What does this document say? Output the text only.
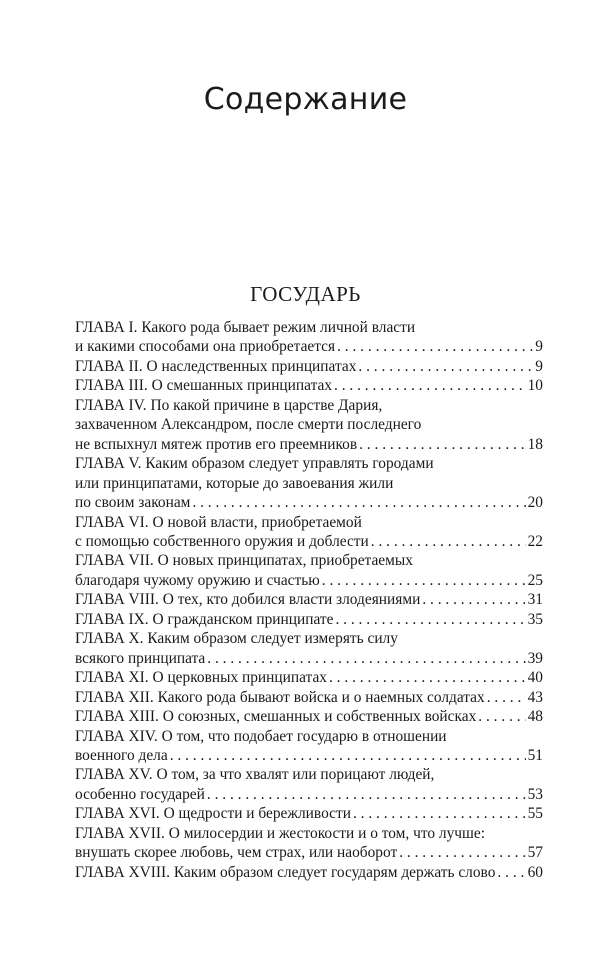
Содержание
ГОСУДАРЬ
ГЛАВА I. Какого рода бывает режим личной власти
и какими способами она приобретается . . .	9
ГЛАВА II. О наследственных принципатах . . .	9
ГЛАВА III. О смешанных принципатах . . .	10
ГЛАВА IV. По какой причине в царстве Дария,
захваченном Александром, после смерти последнего
не вспыхнул мятеж против его преемников . . .	18
ГЛАВА V. Каким образом следует управлять городами
или принципатами, которые до завоевания жили
по своим законам . . .	20
ГЛАВА VI. О новой власти, приобретаемой
с помощью собственного оружия и доблести . . .	22
ГЛАВА VII. О новых принципатах, приобретаемых
благодаря чужому оружию и счастью . . .	25
ГЛАВА VIII. О тех, кто добился власти злодеяниями . . .	31
ГЛАВА IX. О гражданском принципате . . .	35
ГЛАВА X. Каким образом следует измерять силу
всякого принципата . . .	39
ГЛАВА XI. О церковных принципатах . . .	40
ГЛАВА XII. Какого рода бывают войска и о наемных солдатах . . .	43
ГЛАВА XIII. О союзных, смешанных и собственных войсках . . .	48
ГЛАВА XIV. О том, что подобает государю в отношении
военного дела . . .	51
ГЛАВА XV. О том, за что хвалят или порицают людей,
особенно государей . . .	53
ГЛАВА XVI. О щедрости и бережливости . . .	55
ГЛАВА XVII. О милосердии и жестокости и о том, что лучше:
внушать скорее любовь, чем страх, или наоборот . . .	57
ГЛАВА XVIII. Каким образом следует государям держать слово . . . 60
